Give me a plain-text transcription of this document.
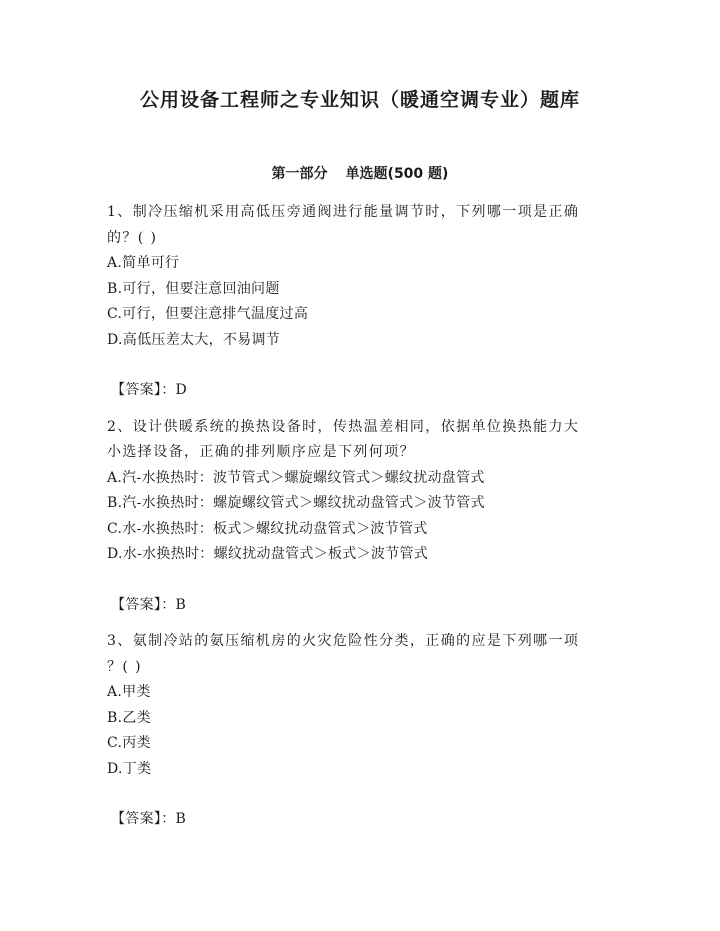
公用设备工程师之专业知识（暖通空调专业）题库
第一部分 单选题(500 题)
1、制冷压缩机采用高低压旁通阀进行能量调节时，下列哪一项是正确
的？( )
A.简单可行
B.可行，但要注意回油问题
C.可行，但要注意排气温度过高
D.高低压差太大，不易调节
【答案】：D
2、设计供暖系统的换热设备时，传热温差相同，依据单位换热能力大
小选择设备，正确的排列顺序应是下列何项？
A.汽-水换热时：波节管式＞螺旋螺纹管式＞螺纹扰动盘管式
B.汽-水换热时：螺旋螺纹管式＞螺纹扰动盘管式＞波节管式
C.水-水换热时：板式＞螺纹扰动盘管式＞波节管式
D.水-水换热时：螺纹扰动盘管式＞板式＞波节管式
【答案】：B
3、氨制冷站的氨压缩机房的火灾危险性分类，正确的应是下列哪一项
？( )
A.甲类
B.乙类
C.丙类
D.丁类
【答案】：B
